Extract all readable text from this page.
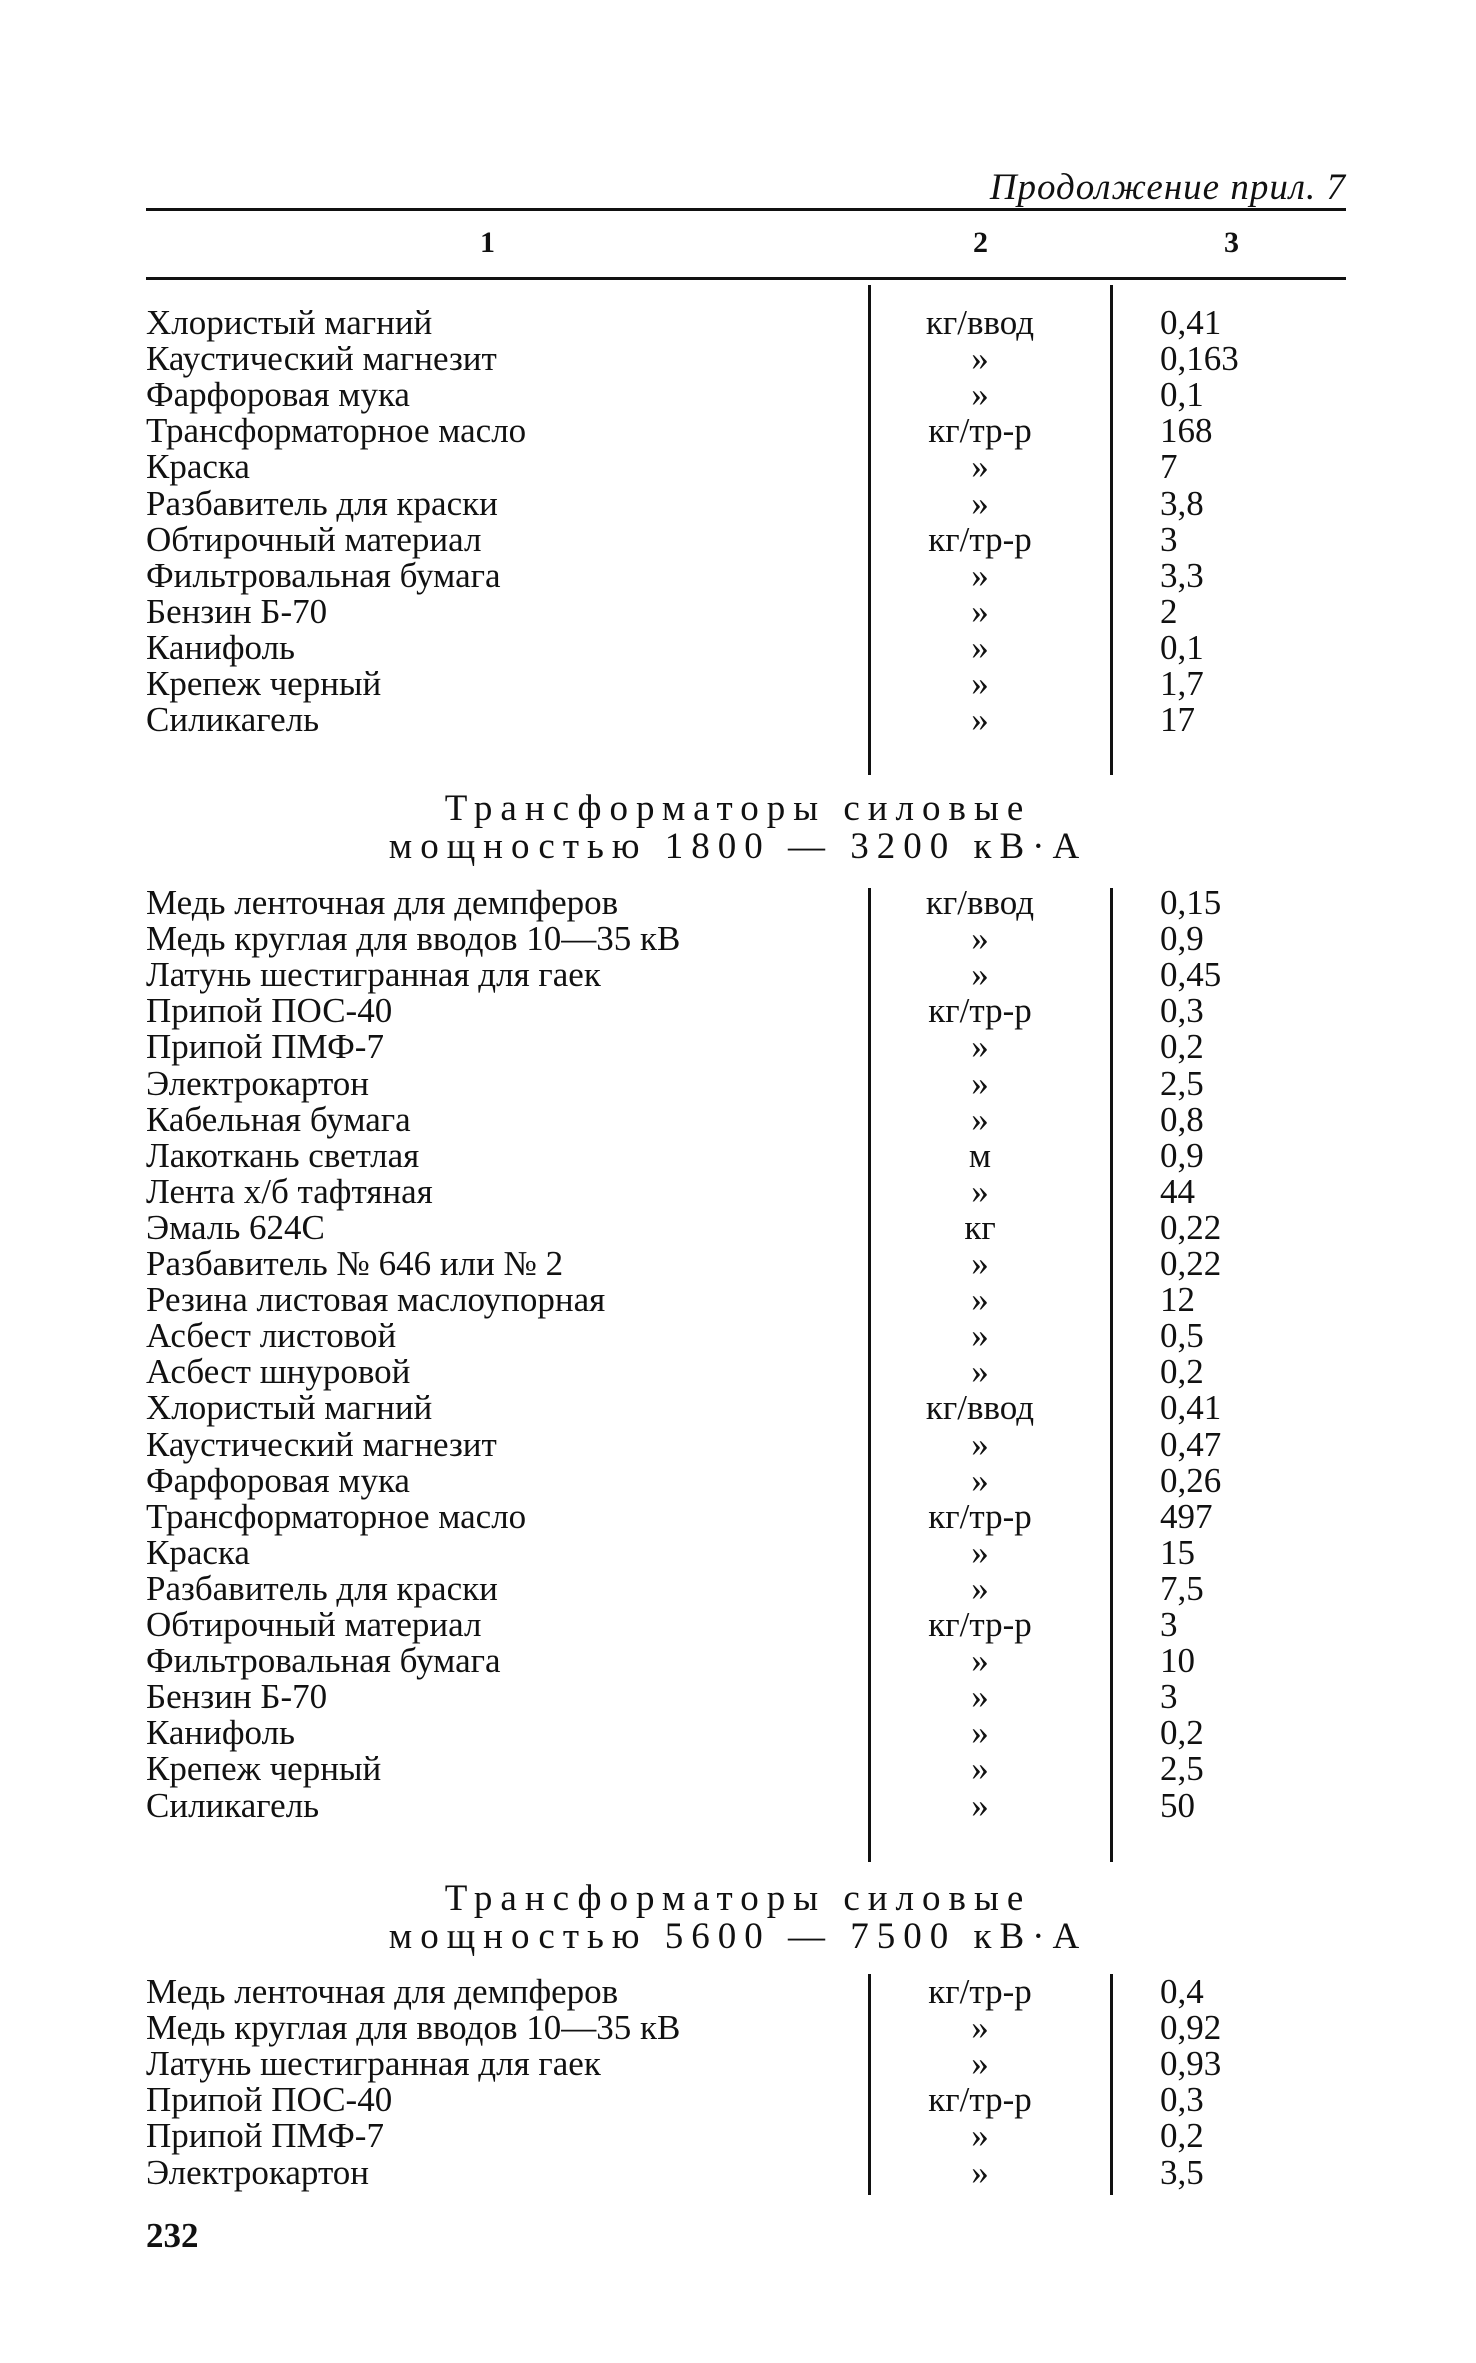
Продолжение прил. 7
1	2	3
Хлористый магний	кг/ввод	0,41
Каустический магнезит	»	0,163
Фарфоровая мука	»	0,1
Трансформаторное масло	кг/тр-р	168
Краска	»	7
Разбавитель для краски	»	3,8
Обтирочный материал	кг/тр-р	3
Фильтровальная бумага	»	3,3
Бензин Б-70	»	2
Канифоль	»	0,1
Крепеж черный	»	1,7
Силикагель	»	17
Трансформаторы силовые
мощностью 1800 — 3200 кВ·А
Медь ленточная для демпферов	кг/ввод	0,15
Медь круглая для вводов 10—35 кВ	»	0,9
Латунь шестигранная для гаек	»	0,45
Припой ПОС-40	кг/тр-р	0,3
Припой ПМФ-7	»	0,2
Электрокартон	»	2,5
Кабельная бумага	»	0,8
Лакоткань светлая	м	0,9
Лента х/б тафтяная	»	44
Эмаль 624С	кг	0,22
Разбавитель № 646 или № 2	»	0,22
Резина листовая маслоупорная	»	12
Асбест листовой	»	0,5
Асбест шнуровой	»	0,2
Хлористый магний	кг/ввод	0,41
Каустический магнезит	»	0,47
Фарфоровая мука	»	0,26
Трансформаторное масло	кг/тр-р	497
Краска	»	15
Разбавитель для краски	»	7,5
Обтирочный материал	кг/тр-р	3
Фильтровальная бумага	»	10
Бензин Б-70	»	3
Канифоль	»	0,2
Крепеж черный	»	2,5
Силикагель	»	50
Трансформаторы силовые
мощностью 5600 — 7500 кВ·А
Медь ленточная для демпферов	кг/тр-р	0,4
Медь круглая для вводов 10—35 кВ	»	0,92
Латунь шестигранная для гаек	»	0,93
Припой ПОС-40	кг/тр-р	0,3
Припой ПМФ-7	»	0,2
Электрокартон	»	3,5
232
